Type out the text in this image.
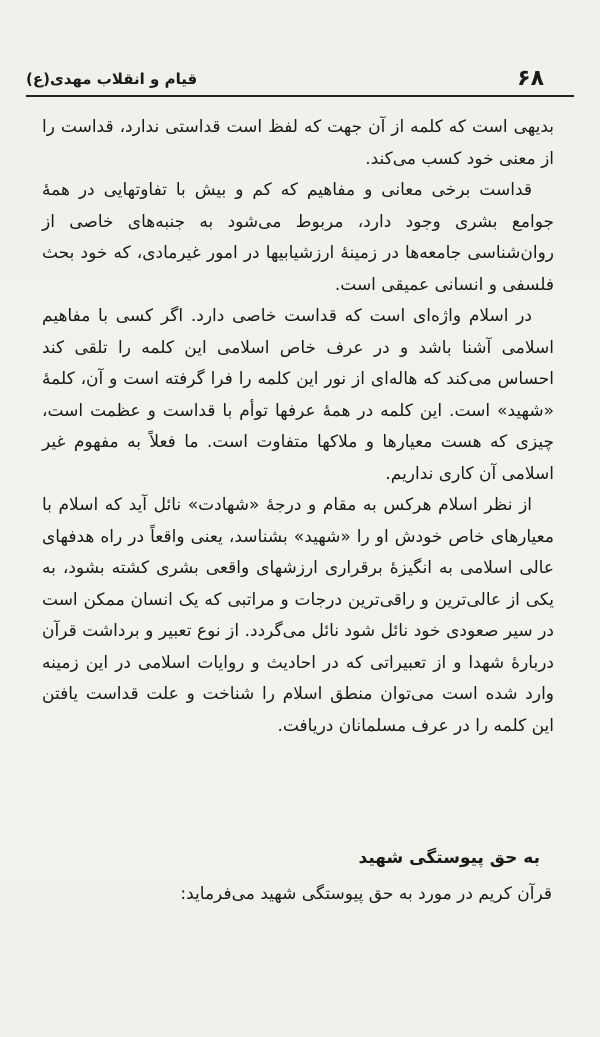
۶۸
قیام و انقلاب مهدی(ع)

بدیهی است که کلمه از آن جهت که لفظ است قداستی ندارد، قداست را از معنی خود کسب می‌کند.

قداست برخی معانی و مفاهیم که کم و بیش با تفاوتهایی در همهٔ جوامع بشری وجود دارد، مربوط می‌شود به جنبه‌های خاصی از روان‌شناسی جامعه‌ها در زمینهٔ ارزشیابیها در امور غیرمادی، که خود بحث فلسفی و انسانی عمیقی است.

در اسلام واژه‌ای است که قداست خاصی دارد. اگر کسی با مفاهیم اسلامی آشنا باشد و در عرف خاص اسلامی این کلمه را تلقی کند احساس می‌کند که هاله‌ای از نور این کلمه را فرا گرفته است و آن، کلمهٔ «شهید» است. این کلمه در همهٔ عرفها توأم با قداست و عظمت است، چیزی که هست معیارها و ملاکها متفاوت است. ما فعلاً به مفهوم غیر اسلامی آن کاری نداریم.

از نظر اسلام هرکس به مقام و درجهٔ «شهادت» نائل آید که اسلام با معیارهای خاص خودش او را «شهید» بشناسد، یعنی واقعاً در راه هدفهای عالی اسلامی به انگیزهٔ برقراری ارزشهای واقعی بشری کشته بشود، به یکی از عالی‌ترین و راقی‌ترین درجات و مراتبی که یک انسان ممکن است در سیر صعودی خود نائل شود نائل می‌گردد. از نوع تعبیر و برداشت قرآن دربارهٔ شهدا و از تعبیراتی که در احادیث و روایات اسلامی در این زمینه وارد شده است می‌توان منطق اسلام را شناخت و علت قداست یافتن این کلمه را در عرف مسلمانان دریافت.

به حق پیوستگی شهید
قرآن کریم در مورد به حق پیوستگی شهید می‌فرماید:
